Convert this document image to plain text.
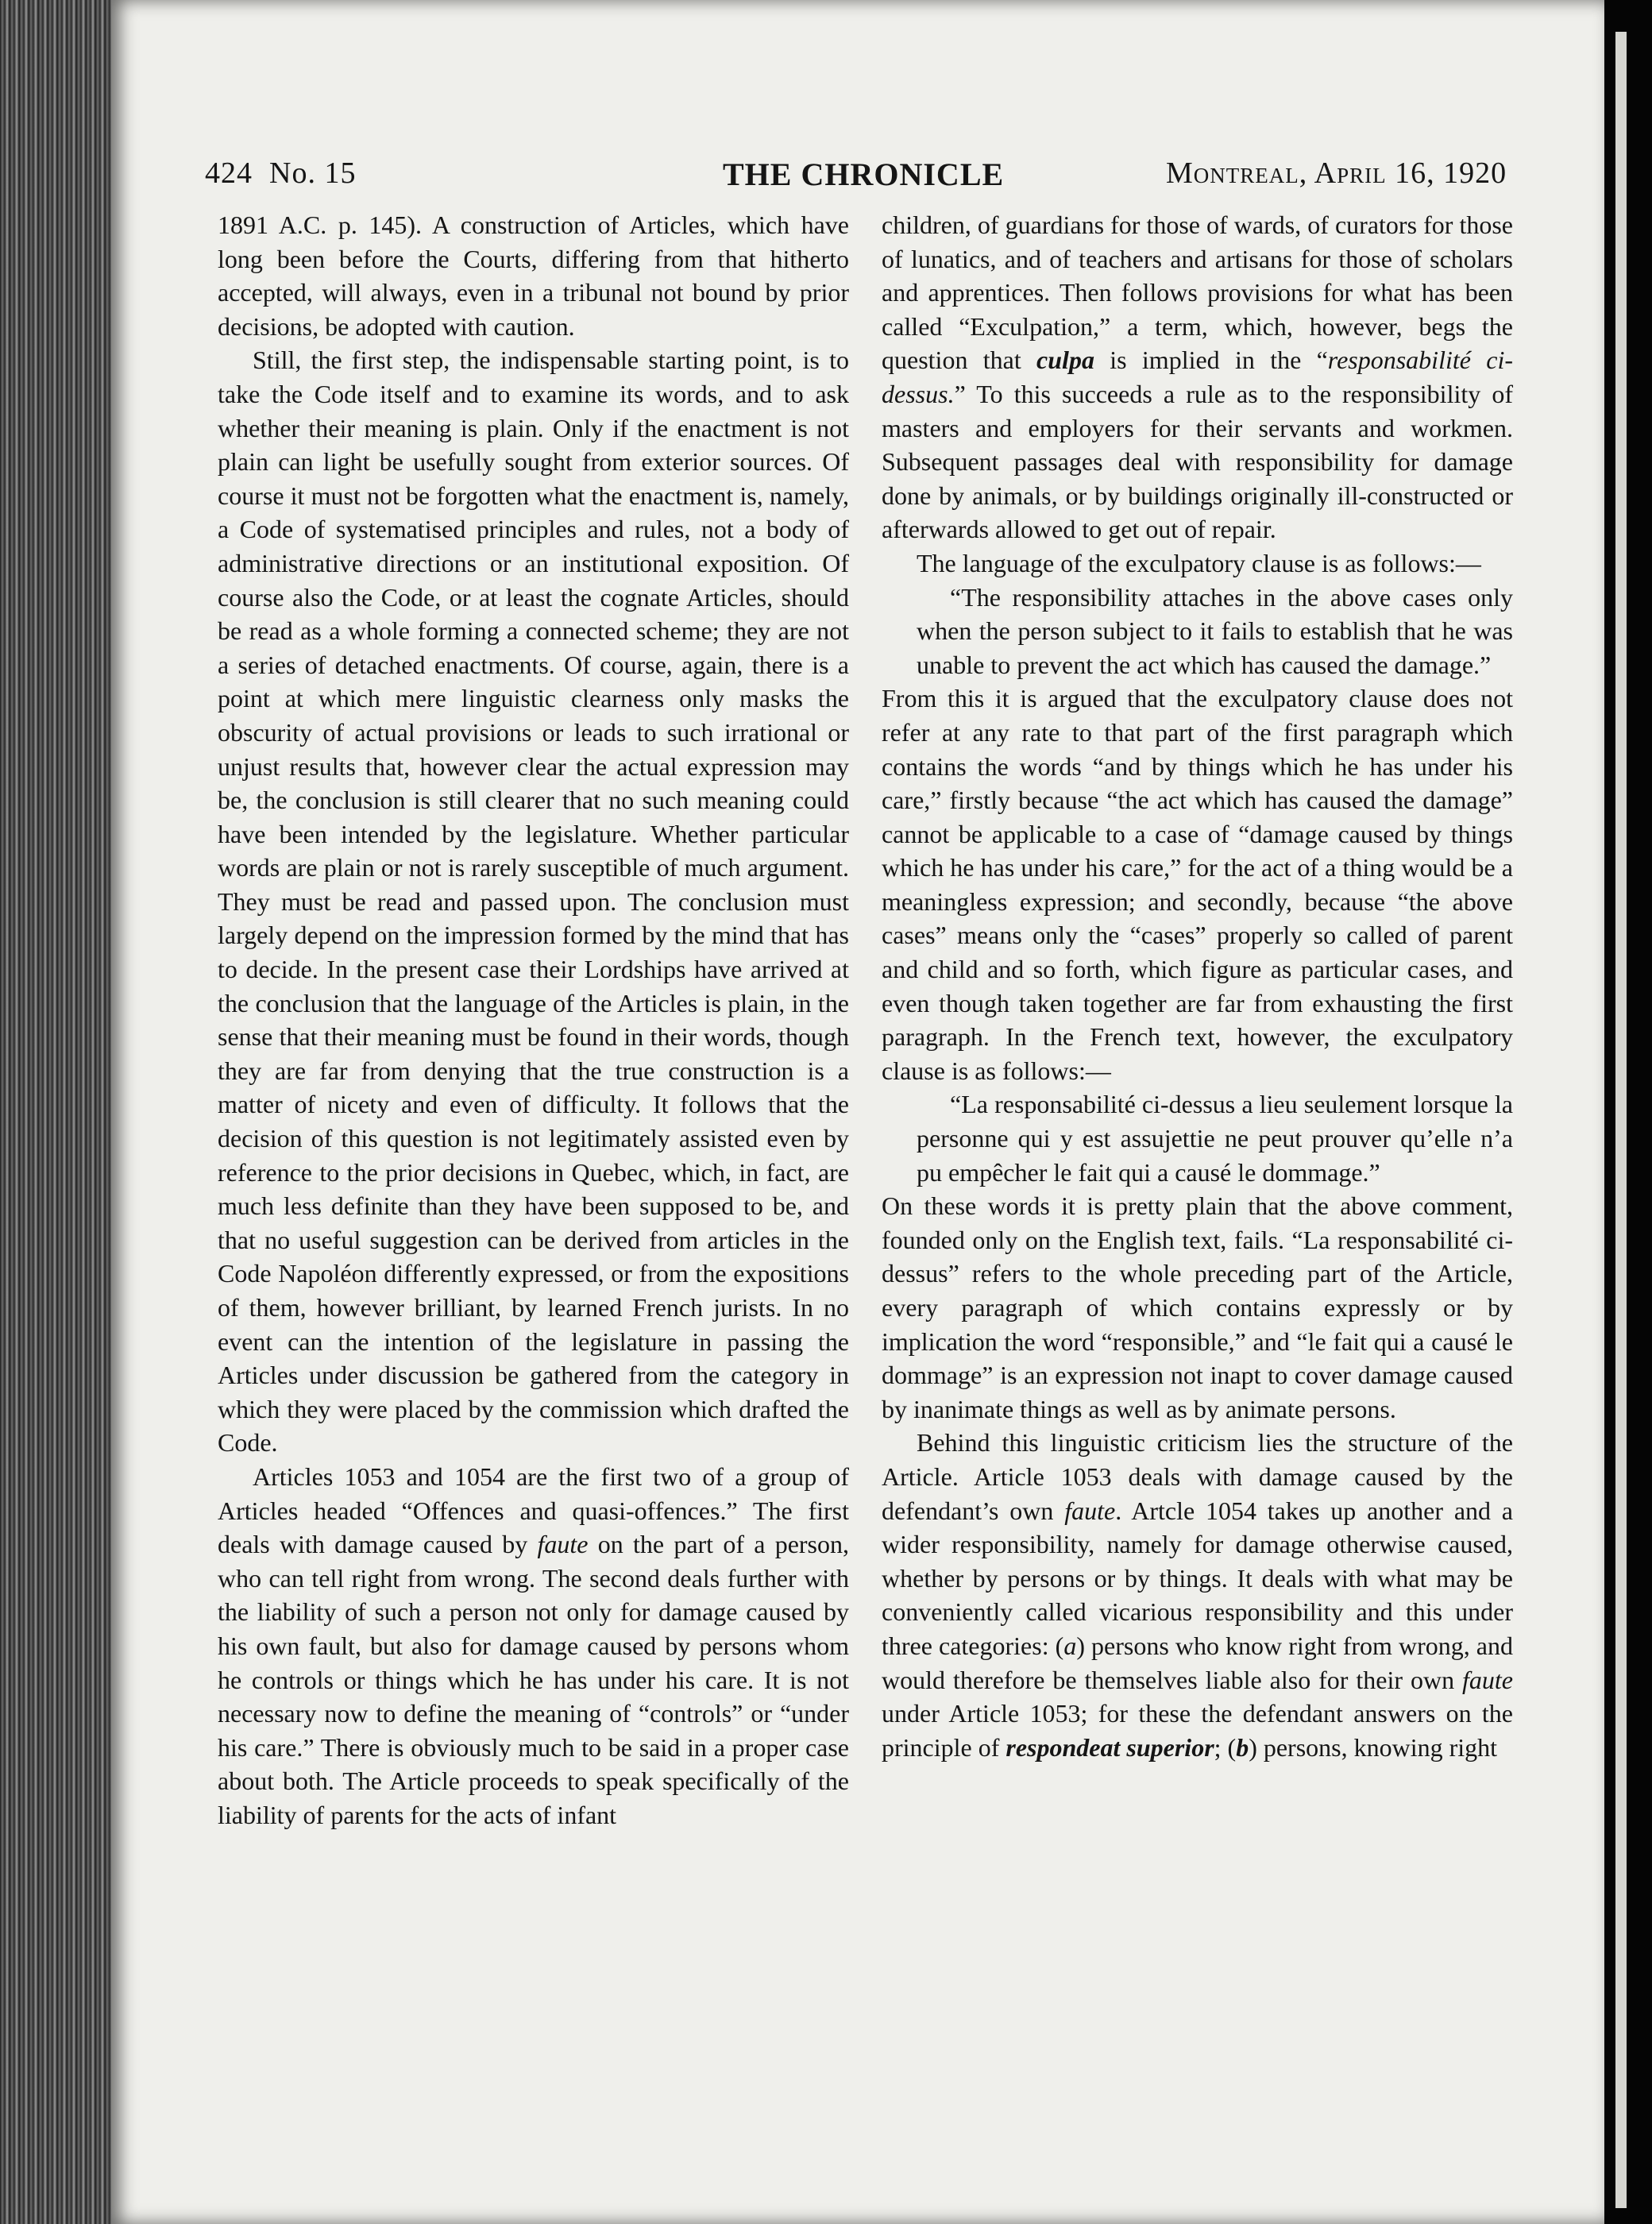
424 No. 15	THE CHRONICLE	Montreal, April 16, 1920

1891 A.C. p. 145). A construction of Articles, which have long been before the Courts, differing from that hitherto accepted, will always, even in a tribunal not bound by prior decisions, be adopted with caution.

Still, the first step, the indispensable starting point, is to take the Code itself and to examine its words, and to ask whether their meaning is plain. Only if the enactment is not plain can light be usefully sought from exterior sources. Of course it must not be forgotten what the enactment is, namely, a Code of systematised principles and rules, not a body of administrative directions or an institutional exposition. Of course also the Code, or at least the cognate Articles, should be read as a whole forming a connected scheme; they are not a series of detached enactments. Of course, again, there is a point at which mere linguistic clearness only masks the obscurity of actual provisions or leads to such irrational or unjust results that, however clear the actual expression may be, the conclusion is still clearer that no such meaning could have been intended by the legislature. Whether particular words are plain or not is rarely susceptible of much argument. They must be read and passed upon. The conclusion must largely depend on the impression formed by the mind that has to decide. In the present case their Lordships have arrived at the conclusion that the language of the Articles is plain, in the sense that their meaning must be found in their words, though they are far from denying that the true construction is a matter of nicety and even of difficulty. It follows that the decision of this question is not legitimately assisted even by reference to the prior decisions in Quebec, which, in fact, are much less definite than they have been supposed to be, and that no useful suggestion can be derived from articles in the Code Napoléon differently expressed, or from the expositions of them, however brilliant, by learned French jurists. In no event can the intention of the legislature in passing the Articles under discussion be gathered from the category in which they were placed by the commission which drafted the Code.

Articles 1053 and 1054 are the first two of a group of Articles headed “Offences and quasi-offences.” The first deals with damage caused by faute on the part of a person, who can tell right from wrong. The second deals further with the liability of such a person not only for damage caused by his own fault, but also for damage caused by persons whom he controls or things which he has under his care. It is not necessary now to define the meaning of “controls” or “under his care.” There is obviously much to be said in a proper case about both. The Article proceeds to speak specifically of the liability of parents for the acts of infant

children, of guardians for those of wards, of curators for those of lunatics, and of teachers and artisans for those of scholars and apprentices. Then follows provisions for what has been called “Exculpation,” a term, which, however, begs the question that culpa is implied in the “responsabilité ci-dessus.” To this succeeds a rule as to the responsibility of masters and employers for their servants and workmen. Subsequent passages deal with responsibility for damage done by animals, or by buildings originally ill-constructed or afterwards allowed to get out of repair.

The language of the exculpatory clause is as follows:—

“The responsibility attaches in the above cases only when the person subject to it fails to establish that he was unable to prevent the act which has caused the damage.”

From this it is argued that the exculpatory clause does not refer at any rate to that part of the first paragraph which contains the words “and by things which he has under his care,” firstly because “the act which has caused the damage” cannot be applicable to a case of “damage caused by things which he has under his care,” for the act of a thing would be a meaningless expression; and secondly, because “the above cases” means only the “cases” properly so called of parent and child and so forth, which figure as particular cases, and even though taken together are far from exhausting the first paragraph. In the French text, however, the exculpatory clause is as follows:—

“La responsabilité ci-dessus a lieu seulement lorsque la personne qui y est assujettie ne peut prouver qu’elle n’a pu empêcher le fait qui a causé le dommage.”

On these words it is pretty plain that the above comment, founded only on the English text, fails. “La responsabilité ci-dessus” refers to the whole preceding part of the Article, every paragraph of which contains expressly or by implication the word “responsible,” and “le fait qui a causé le dommage” is an expression not inapt to cover damage caused by inanimate things as well as by animate persons.

Behind this linguistic criticism lies the structure of the Article. Article 1053 deals with damage caused by the defendant’s own faute. Artcle 1054 takes up another and a wider responsibility, namely for damage otherwise caused, whether by persons or by things. It deals with what may be conveniently called vicarious responsibility and this under three categories: (a) persons who know right from wrong, and would therefore be themselves liable also for their own faute under Article 1053; for these the defendant answers on the principle of respondeat superior; (b) persons, knowing right
